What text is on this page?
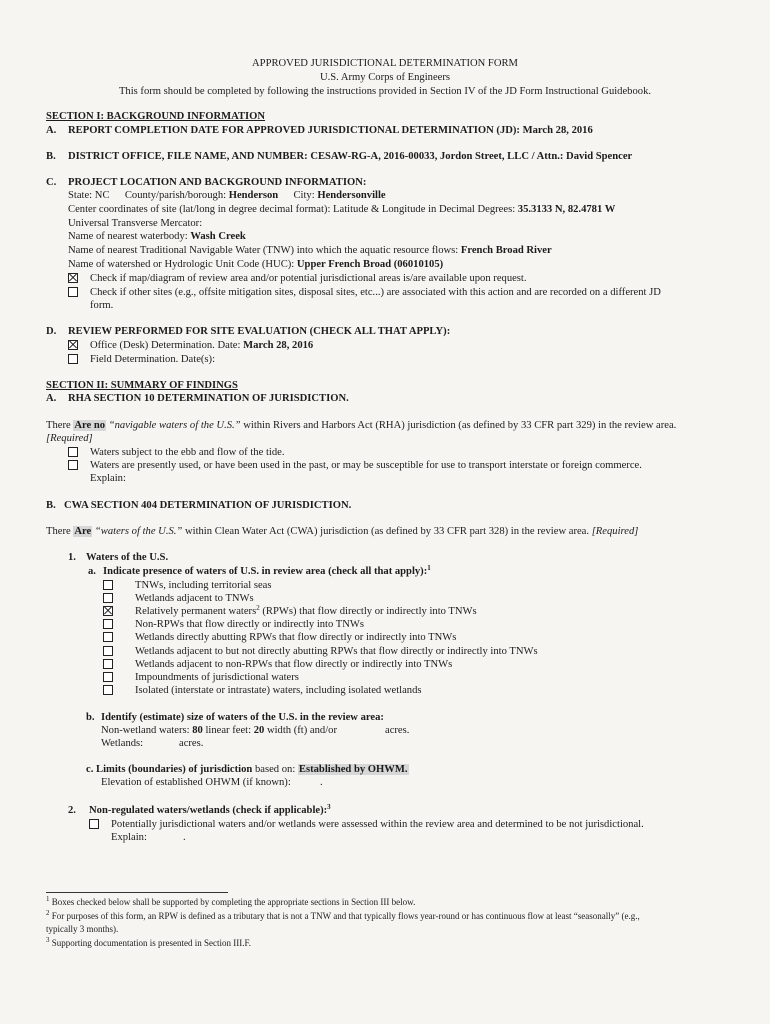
APPROVED JURISDICTIONAL DETERMINATION FORM
U.S. Army Corps of Engineers
This form should be completed by following the instructions provided in Section IV of the JD Form Instructional Guidebook.
SECTION I: BACKGROUND INFORMATION
A. REPORT COMPLETION DATE FOR APPROVED JURISDICTIONAL DETERMINATION (JD): March 28, 2016
B. DISTRICT OFFICE, FILE NAME, AND NUMBER: CESAW-RG-A, 2016-00033, Jordon Street, LLC / Attn.: David Spencer
C. PROJECT LOCATION AND BACKGROUND INFORMATION:
State: NC County/parish/borough: Henderson City: Hendersonville
Center coordinates of site (lat/long in degree decimal format): Latitude & Longitude in Decimal Degrees: 35.3133 N, 82.4781 W
Universal Transverse Mercator:
Name of nearest waterbody: Wash Creek
Name of nearest Traditional Navigable Water (TNW) into which the aquatic resource flows: French Broad River
Name of watershed or Hydrologic Unit Code (HUC): Upper French Broad (06010105)
Check if map/diagram of review area and/or potential jurisdictional areas is/are available upon request.
Check if other sites (e.g., offsite mitigation sites, disposal sites, etc...) are associated with this action and are recorded on a different JD
form.
D. REVIEW PERFORMED FOR SITE EVALUATION (CHECK ALL THAT APPLY):
Office (Desk) Determination. Date: March 28, 2016
Field Determination. Date(s):
SECTION II: SUMMARY OF FINDINGS
A. RHA SECTION 10 DETERMINATION OF JURISDICTION.
There Are no “navigable waters of the U.S.” within Rivers and Harbors Act (RHA) jurisdiction (as defined by 33 CFR part 329) in the review area.
[Required]
Waters subject to the ebb and flow of the tide.
Waters are presently used, or have been used in the past, or may be susceptible for use to transport interstate or foreign commerce.
Explain:
B. CWA SECTION 404 DETERMINATION OF JURISDICTION.
There Are “waters of the U.S.” within Clean Water Act (CWA) jurisdiction (as defined by 33 CFR part 328) in the review area. [Required]
1. Waters of the U.S.
a. Indicate presence of waters of U.S. in review area (check all that apply):$^1$
TNWs, including territorial seas
Wetlands adjacent to TNWs
Relatively permanent waters$^2$ (RPWs) that flow directly or indirectly into TNWs
Non-RPWs that flow directly or indirectly into TNWs
Wetlands directly abutting RPWs that flow directly or indirectly into TNWs
Wetlands adjacent to but not directly abutting RPWs that flow directly or indirectly into TNWs
Wetlands adjacent to non-RPWs that flow directly or indirectly into TNWs
Impoundments of jurisdictional waters
Isolated (interstate or intrastate) waters, including isolated wetlands
b. Identify (estimate) size of waters of the U.S. in the review area:
Non-wetland waters: 80 linear feet: 20 width (ft) and/or	acres.
Wetlands:	acres.
c. Limits (boundaries) of jurisdiction based on: Established by OHWM.
Elevation of established OHWM (if known):	.
2. Non-regulated waters/wetlands (check if applicable):$^3$
Potentially jurisdictional waters and/or wetlands were assessed within the review area and determined to be not jurisdictional.
Explain:	.
$^1$ Boxes checked below shall be supported by completing the appropriate sections in Section III below.
$^2$ For purposes of this form, an RPW is defined as a tributary that is not a TNW and that typically flows year-round or has continuous flow at least “seasonally” (e.g.,
typically 3 months).
$^3$ Supporting documentation is presented in Section III.F.
